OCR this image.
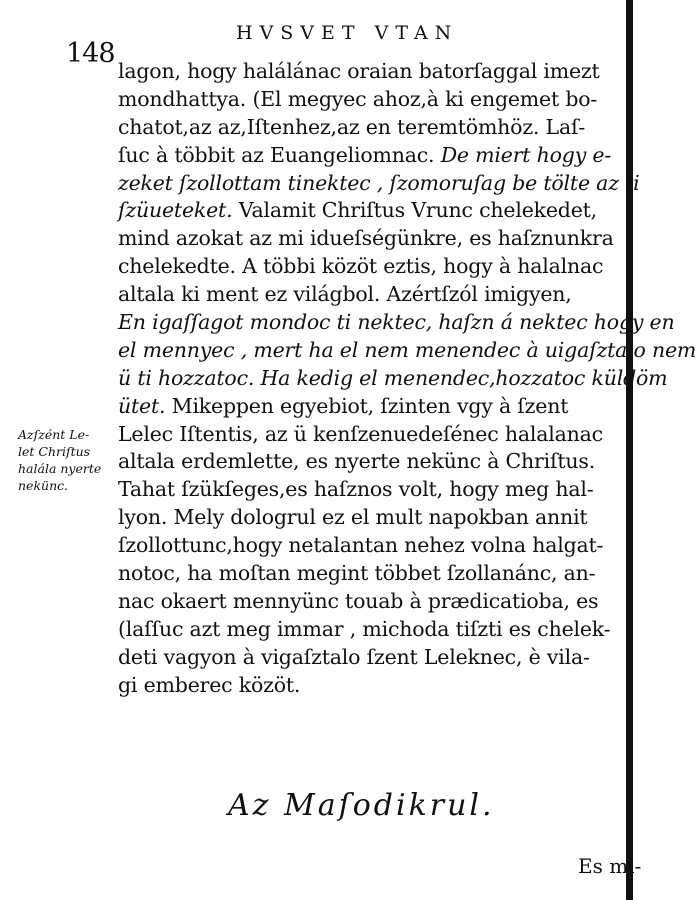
148
HVSVET VTAN
Azſzént Le-
let Chriſtus
halála nyerte
nekünc.
lagon, hogy halálánac oraian batorſaggal imezt
mondhattya. (El megyec ahoz,à ki engemet bo-
chatot,az az,Iſtenhez,az en teremtömhöz. Laſ-
ſuc à többit az Euangeliomnac. De miert hogy e-
zeket ſzollottam tinektec , ſzomoruſag be tölte az ti
ſzüueteket. Valamit Chriſtus Vrunc chelekedet,
mind azokat az mi idueſségünkre, es haſznunkra
chelekedte. A többi közöt eztis, hogy à halalnac
altala ki ment ez világbol. Azértſzól imigyen,
En igaſſagot mondoc ti nektec, haſzn á nektec hogy en
el mennyec , mert ha el nem menendec à uigaſztalo nem
ü ti hozzatoc. Ha kedig el menendec,hozzatoc küldöm
ütet. Mikeppen egyebiot, ſzinten vgy à ſzent
Lelec Iſtentis, az ü kenſzenuedeſénec halalanac
altala erdemlette, es nyerte nekünc à Chriſtus.
Tahat ſzükſeges,es haſznos volt, hogy meg hal-
lyon. Mely dologrul ez el mult napokban annit
ſzollottunc,hogy netalantan nehez volna halgat-
notoc, ha moſtan megint többet ſzollanánc, an-
nac okaert mennyünc touab à prædicatioba, es
(laſſuc azt meg immar , michoda tiſzti es chelek-
deti vagyon à vigaſztalo ſzent Leleknec, è vila-
gi emberec közöt.
Az Maſodikrul.
Es mi-
